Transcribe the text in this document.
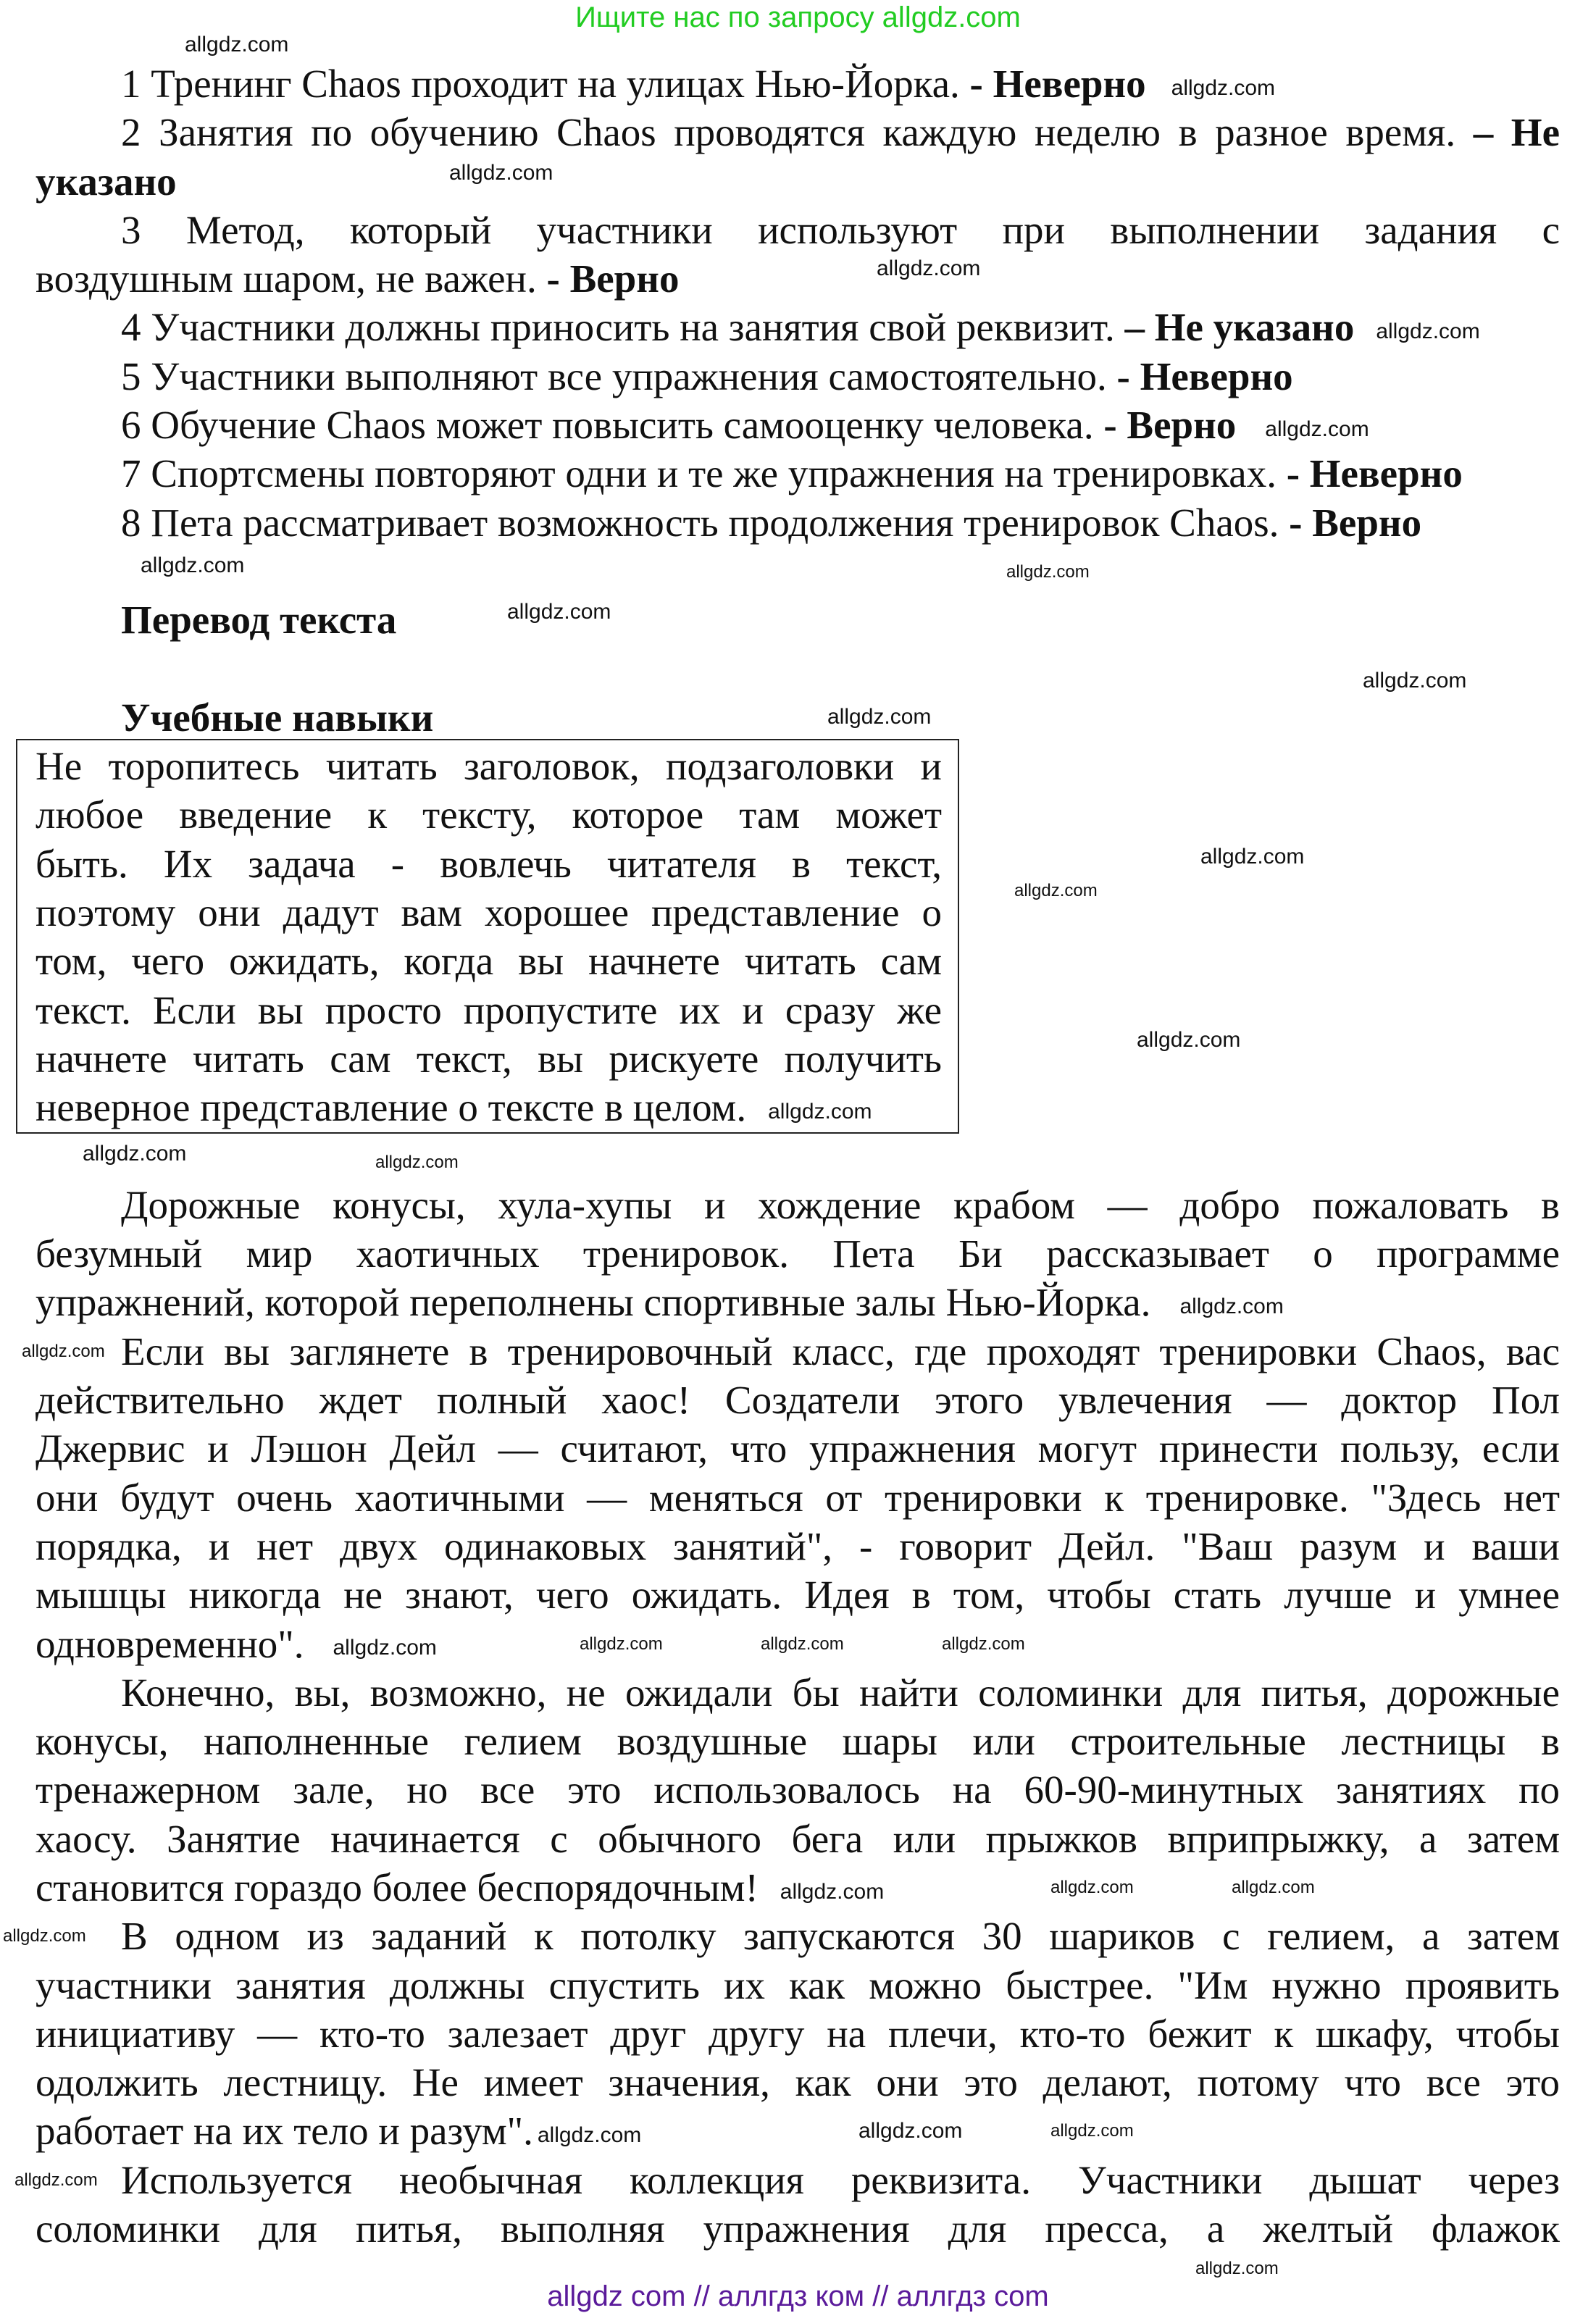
Ищите нас по запросу allgdz.com
1 Тренинг Chaos проходит на улицах Нью-Йорка. - Неверно allgdz.com
2 Занятия по обучению Chaos проводятся каждую неделю в разное время. – Не
указано
3 Метод, который участники используют при выполнении задания с
воздушным шаром, не важен. - Верно
4 Участники должны приносить на занятия свой реквизит. – Не указано allgdz.com
5 Участники выполняют все упражнения самостоятельно. - Неверно
6 Обучение Chaos может повысить самооценку человека. - Верно allgdz.com
7 Спортсмены повторяют одни и те же упражнения на тренировках. - Неверно
8 Пета рассматривает возможность продолжения тренировок Chaos. - Верно
Перевод текста
Учебные навыки
Не торопитесь читать заголовок, подзаголовки и
любое введение к тексту, которое там может
быть. Их задача - вовлечь читателя в текст,
поэтому они дадут вам хорошее представление о
том, чего ожидать, когда вы начнете читать сам
текст. Если вы просто пропустите их и сразу же
начнете читать сам текст, вы рискуете получить
неверное представление о тексте в целом. allgdz.com
Дорожные конусы, хула-хупы и хождение крабом — добро пожаловать в
безумный мир хаотичных тренировок. Пета Би рассказывает о программе
упражнений, которой переполнены спортивные залы Нью-Йорка. allgdz.com
Если вы заглянете в тренировочный класс, где проходят тренировки Chaos, вас
действительно ждет полный хаос! Создатели этого увлечения — доктор Пол
Джервис и Лэшон Дейл — считают, что упражнения могут принести пользу, если
они будут очень хаотичными — меняться от тренировки к тренировке. "Здесь нет
порядка, и нет двух одинаковых занятий", - говорит Дейл. "Ваш разум и ваши
мышцы никогда не знают, чего ожидать. Идея в том, чтобы стать лучше и умнее
одновременно". allgdz.com
Конечно, вы, возможно, не ожидали бы найти соломинки для питья, дорожные
конусы, наполненные гелием воздушные шары или строительные лестницы в
тренажерном зале, но все это использовалось на 60-90-минутных занятиях по
хаосу. Занятие начинается с обычного бега или прыжков вприпрыжку, а затем
становится гораздо более беспорядочным! allgdz.com
В одном из заданий к потолку запускаются 30 шариков с гелием, а затем
участники занятия должны спустить их как можно быстрее. "Им нужно проявить
инициативу — кто-то залезает друг другу на плечи, кто-то бежит к шкафу, чтобы
одолжить лестницу. Не имеет значения, как они это делают, потому что все это
работает на их тело и разум". allgdz.com
Используется необычная коллекция реквизита. Участники дышат через
соломинки для питья, выполняя упражнения для пресса, а желтый флажок
allgdz com // аллгдз ком // аллгдз com
allgdz.com
allgdz.com
allgdz.com
allgdz.com
allgdz.com
allgdz.com
allgdz.com
allgdz.com
allgdz.com
allgdz.com
allgdz.com
allgdz.com	allgdz.com
allgdz.com
allgdz.com	allgdz.com	allgdz.com
allgdz.com	allgdz.com
allgdz.com
allgdz.com
allgdz.com
allgdz.com
allgdz.com
